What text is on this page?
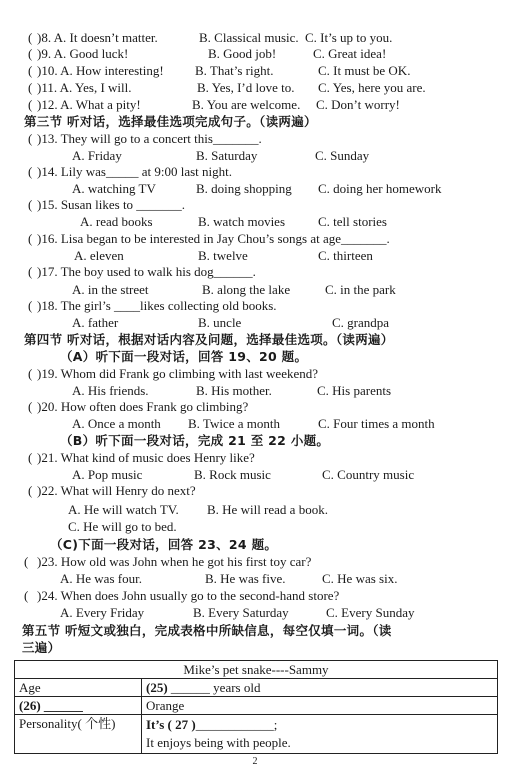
( )8. A. It doesn’t matter.	B. Classical music. C. It’s up to you.
( )9. A. Good luck!	B. Good job!	C. Great idea!
( )10. A. How interesting! B. That’s right.	C. It must be OK.
( )11. A. Yes, I will.	B. Yes, I’d love to. C. Yes, here you are.
( )12. A. What a pity!	B. You are welcome. C. Don’t worry!
第三节 听对话，选择最佳选项完成句子。（读两遍）
( )13. They will go to a concert this_______.
A. Friday	B. Saturday	C. Sunday
( )14. Lily was_____ at 9:00 last night.
A. watching TV	B. doing shopping C. doing her homework
( )15. Susan likes to _______.
A. read books	B. watch movies	C. tell stories
( )16. Lisa began to be interested in Jay Chou’s songs at age_______.
A. eleven	B. twelve	C. thirteen
( )17. The boy used to walk his dog______.
A. in the street	B. along the lake	C. in the park
( )18. The girl’s ____likes collecting old books.
A. father	B. uncle	C. grandpa
第四节 听对话，根据对话内容及问题，选择最佳选项。（读两遍）
（A）听下面一段对话，回答 19、20 题。
( )19. Whom did Frank go climbing with last weekend?
A. His friends.	B. His mother.	C. His parents
( )20. How often does Frank go climbing?
A. Once a month B. Twice a month	C. Four times a month
（B）听下面一段对话，完成 21 至 22 小题。
( )21. What kind of music does Henry like?
A. Pop music	B. Rock music	C. Country music
( )22. What will Henry do next?
A. He will watch TV. B. He will read a book.
C. He will go to bed.
（C)下面一段对话，回答 23、24 题。
( )23. How old was John when he got his first toy car?
A. He was four.	B. He was five.	C. He was six.
( )24. When does John usually go to the second-hand store?
A. Every Friday	B. Every Saturday	C. Every Sunday
第五节 听短文或独白，完成表格中所缺信息，每空仅填一词。（读
三遍）
Mike’s pet snake----Sammy	
Age	(25) ______ years old
(26) ______	Orange
Personality( 个性)	It’s ( 27 )____________;
It enjoys being with people.
2
